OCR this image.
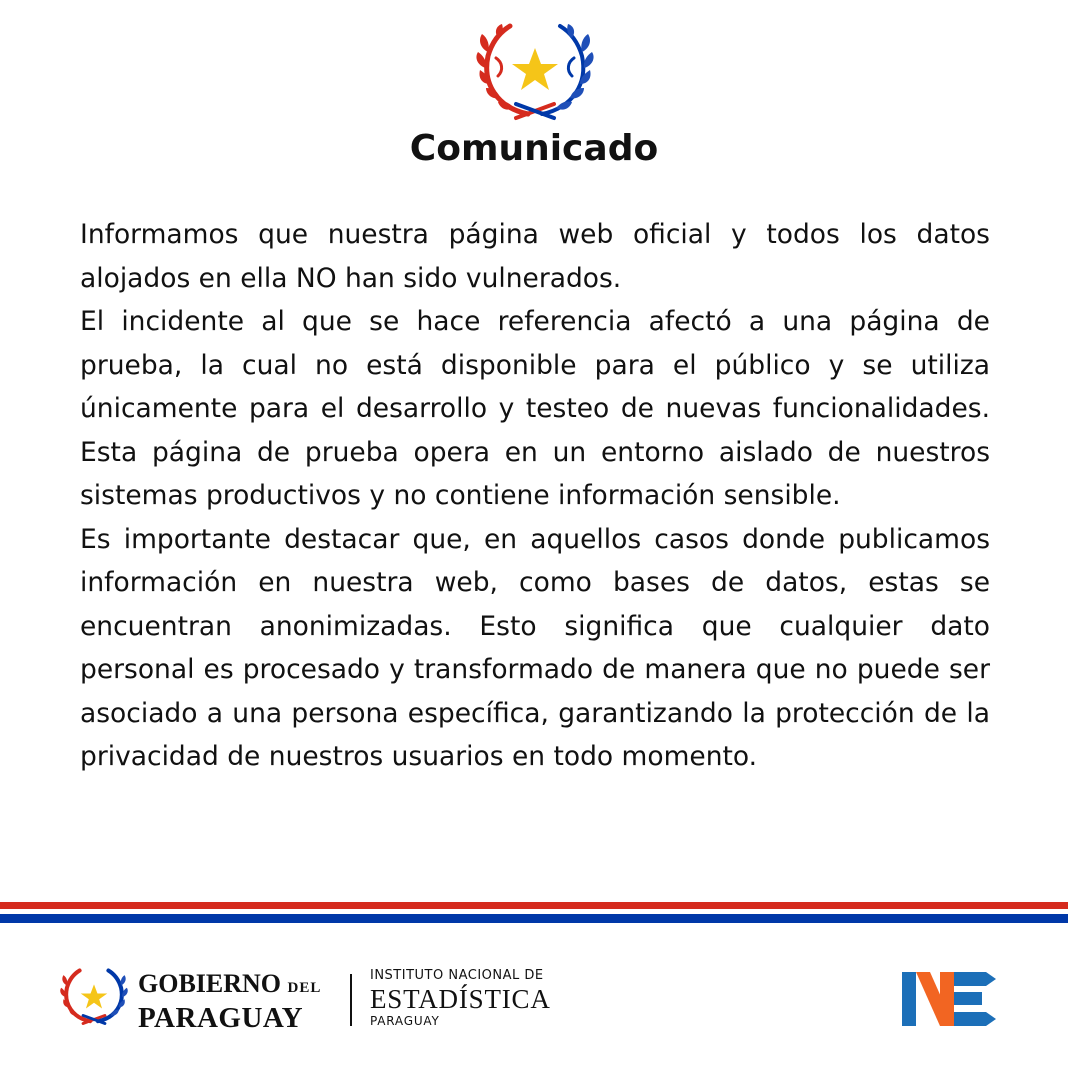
Comunicado

Informamos que nuestra página web oficial y todos los datos alojados en ella NO han sido vulnerados.

El incidente al que se hace referencia afectó a una página de prueba, la cual no está disponible para el público y se utiliza únicamente para el desarrollo y testeo de nuevas funcionalidades. Esta página de prueba opera en un entorno aislado de nuestros sistemas productivos y no contiene información sensible.

Es importante destacar que, en aquellos casos donde publicamos información en nuestra web, como bases de datos, estas se encuentran anonimizadas. Esto significa que cualquier dato personal es procesado y transformado de manera que no puede ser asociado a una persona específica, garantizando la protección de la privacidad de nuestros usuarios en todo momento.

GOBIERNO DEL
PARAGUAY
INSTITUTO NACIONAL DE
ESTADÍSTICA
PARAGUAY
